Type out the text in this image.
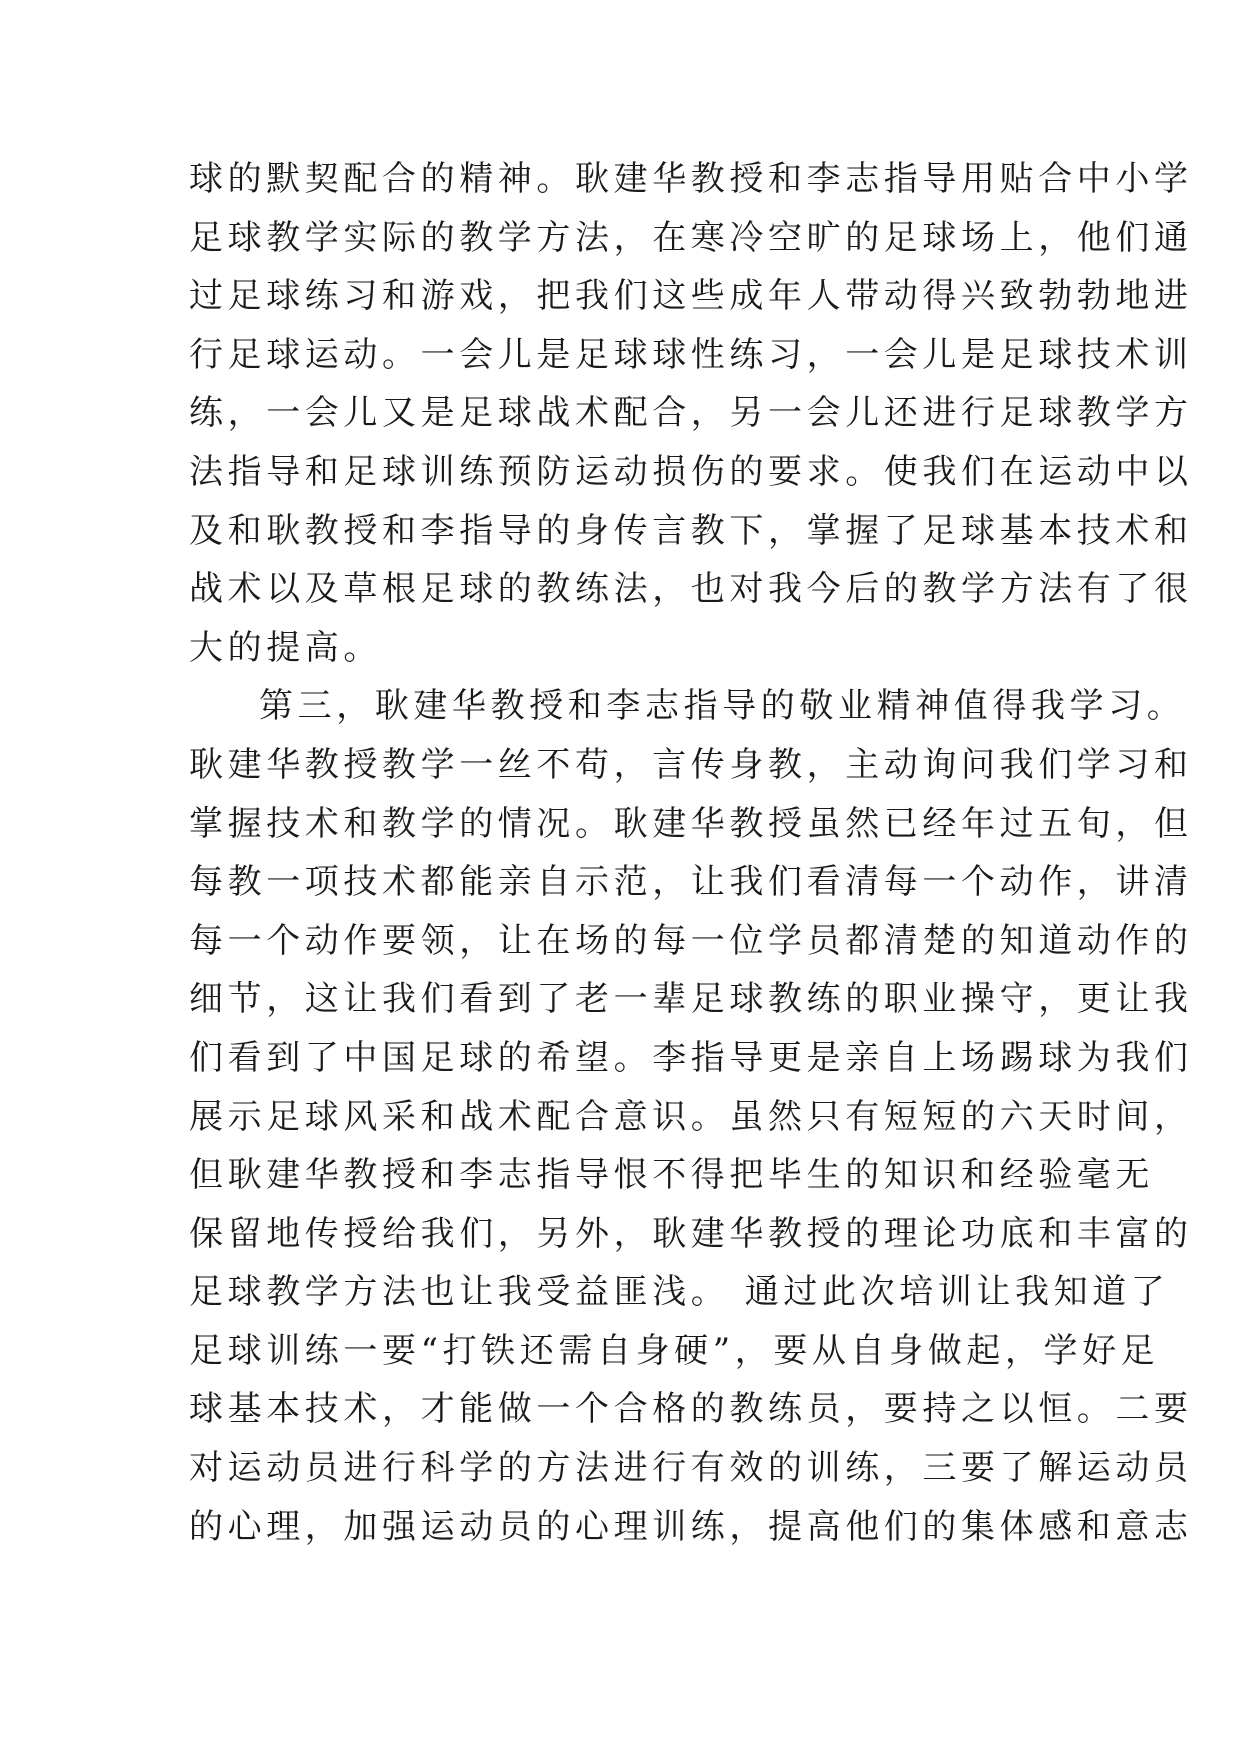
球的默契配合的精神。耿建华教授和李志指导用贴合中小学

足球教学实际的教学方法，在寒冷空旷的足球场上，他们通

过足球练习和游戏，把我们这些成年人带动得兴致勃勃地进

行足球运动。一会儿是足球球性练习，一会儿是足球技术训

练，一会儿又是足球战术配合，另一会儿还进行足球教学方

法指导和足球训练预防运动损伤的要求。使我们在运动中以

及和耿教授和李指导的身传言教下，掌握了足球基本技术和

战术以及草根足球的教练法，也对我今后的教学方法有了很

大的提高。

第三，耿建华教授和李志指导的敬业精神值得我学习。

耿建华教授教学一丝不苟，言传身教，主动询问我们学习和

掌握技术和教学的情况。耿建华教授虽然已经年过五旬，但

每教一项技术都能亲自示范，让我们看清每一个动作，讲清

每一个动作要领，让在场的每一位学员都清楚的知道动作的

细节，这让我们看到了老一辈足球教练的职业操守，更让我

们看到了中国足球的希望。李指导更是亲自上场踢球为我们

展示足球风采和战术配合意识。虽然只有短短的六天时间，

但耿建华教授和李志指导恨不得把毕生的知识和经验毫无

保留地传授给我们，另外，耿建华教授的理论功底和丰富的

足球教学方法也让我受益匪浅。 通过此次培训让我知道了

足球训练一要“打铁还需自身硬”，要从自身做起，学好足

球基本技术，才能做一个合格的教练员，要持之以恒。二要

对运动员进行科学的方法进行有效的训练，三要了解运动员

的心理，加强运动员的心理训练，提高他们的集体感和意志
